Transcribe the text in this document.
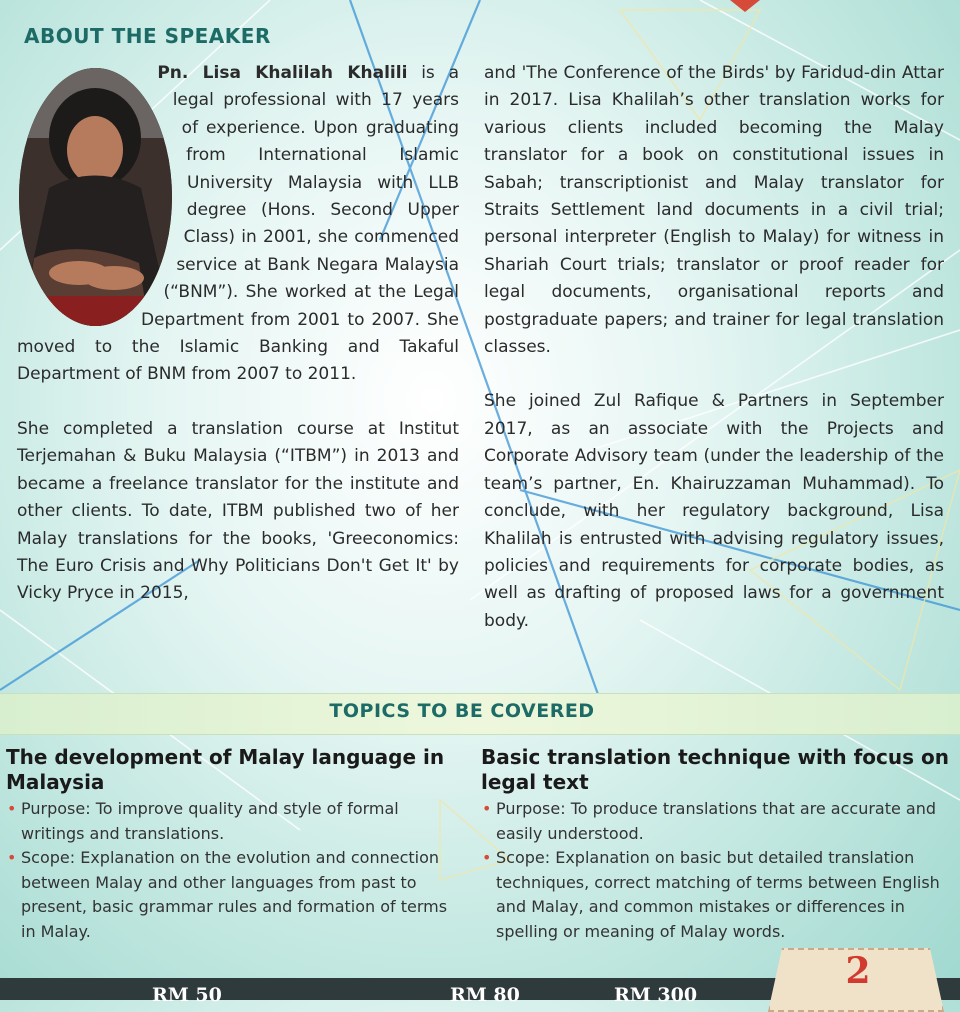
ABOUT THE SPEAKER

Pn. Lisa Khalilah Khalili is a legal professional with 17 years of experience. Upon graduating from International Islamic University Malaysia with LLB degree (Hons. Second Upper Class) in 2001, she commenced service at Bank Negara Malaysia (“BNM”). She worked at the Legal Department from 2001 to 2007. She moved to the Islamic Banking and Takaful Department of BNM from 2007 to 2011.

She completed a translation course at Institut Terjemahan & Buku Malaysia (“ITBM”) in 2013 and became a freelance translator for the institute and other clients. To date, ITBM published two of her Malay translations for the books, 'Greeconomics: The Euro Crisis and Why Politicians Don't Get It' by Vicky Pryce in 2015,

and 'The Conference of the Birds' by Faridud-din Attar in 2017. Lisa Khalilah’s other translation works for various clients included becoming the Malay translator for a book on constitutional issues in Sabah; transcriptionist and Malay translator for Straits Settlement land documents in a civil trial; personal interpreter (English to Malay) for witness in Shariah Court trials; translator or proof reader for legal documents, organisational reports and postgraduate papers; and trainer for legal translation classes.

She joined Zul Rafique & Partners in September 2017, as an associate with the Projects and Corporate Advisory team (under the leadership of the team’s partner, En. Khairuzzaman Muhammad). To conclude, with her regulatory background, Lisa Khalilah is entrusted with advising regulatory issues, policies and requirements for corporate bodies, as well as drafting of proposed laws for a government body.

TOPICS TO BE COVERED
The development of Malay language in Malaysia
• Purpose: To improve quality and style of formal writings and translations.
• Scope: Explanation on the evolution and connection between Malay and other languages from past to present, basic grammar rules and formation of terms in Malay.
Basic translation technique with focus on legal text
• Purpose: To produce translations that are accurate and easily understood.
• Scope: Explanation on basic but detailed translation techniques, correct matching of terms between English and Malay, and common mistakes or differences in spelling or meaning of Malay words.
RM 50	RM 80	RM 300
2
